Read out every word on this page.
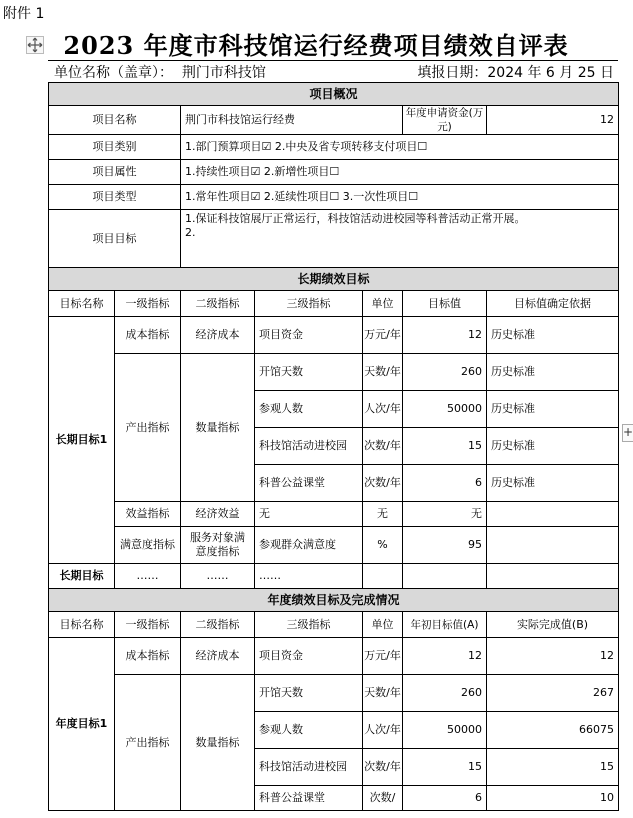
附件 1
2023 年度市科技馆运行经费项目绩效自评表
单位名称（盖章）： 荆门市科技馆	填报日期：2024 年 6 月 25 日
+
项目概况						
项目名称		荆门市科技馆运行经费			年度申请资金(万元)	12
项目类别		1.部门预算项目☑ 2.中央及省专项转移支付项目☐				
项目属性		1.持续性项目☑ 2.新增性项目☐				
项目类型		1.常年性项目☑ 2.延续性项目☐ 3.一次性项目☐				
项目目标		1.保证科技馆展厅正常运行，科技馆活动进校园等科普活动正常开展。
2.				

长期绩效目标						
目标名称	一级指标	二级指标	三级指标	单位	目标值	目标值确定依据
长期目标1	成本指标	经济成本	项目资金	万元/年	12	历史标准
	产出指标	数量指标	开馆天数	天数/年	260	历史标准
			参观人数	人次/年	50000	历史标准
			科技馆活动进校园	次数/年	15	历史标准
			科普公益课堂	次数/年	6	历史标准
	效益指标	经济效益	无	无	无	
	满意度指标	服务对象满意度指标	参观群众满意度	%	95	
长期目标	……	……	……			
年度绩效目标及完成情况						
目标名称	一级指标	二级指标	三级指标	单位	年初目标值(A)	实际完成值(B)
年度目标1	成本指标	经济成本	项目资金	万元/年	12	12
	产出指标	数量指标	开馆天数	天数/年	260	267
			参观人数	人次/年	50000	66075
			科技馆活动进校园	次数/年	15	15
			科普公益课堂	次数/	6	10
